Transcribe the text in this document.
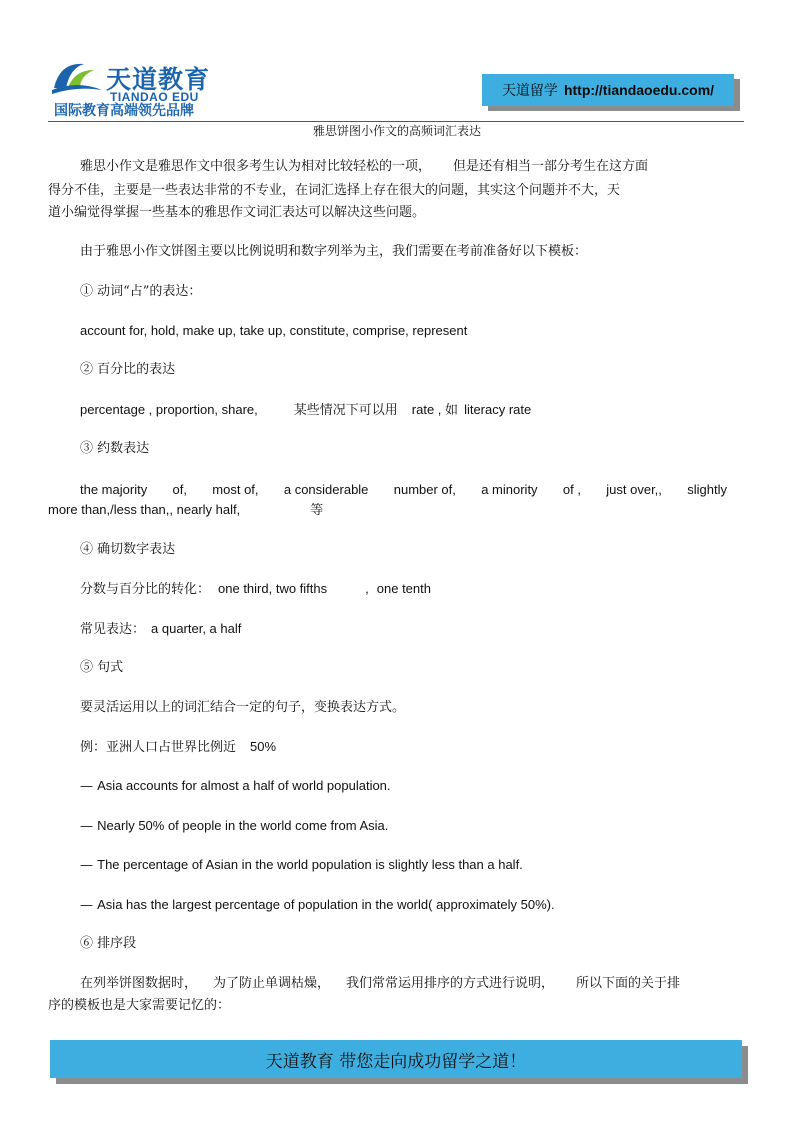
天道教育
TIANDAO EDU
国际教育高端领先品牌
天道留学 http://tiandaoedu.com/
雅思饼图小作文的高频词汇表达
雅思小作文是雅思作文中很多考生认为相对比较轻松的一项， 但是还有相当一部分考生在这方面
得分不佳，主要是一些表达非常的不专业，在词汇选择上存在很大的问题，其实这个问题并不大，天
道小编觉得掌握一些基本的雅思作文词汇表达可以解决这些问题。
由于雅思小作文饼图主要以比例说明和数字列举为主，我们需要在考前准备好以下模板：
① 动词“占”的表达：
account for, hold, make up, take up, constitute, comprise, represent
② 百分比的表达
percentage , proportion, share,	某些情况下可以用 rate , 如 literacy rate
③ 约数表达
the majority of, most of, a considerable number of, a minority of , just over,, slightly
more than,/less than,, nearly half,	等
④ 确切数字表达
分数与百分比的转化： one third, two fifths	, one tenth
常见表达： a quarter, a half
⑤ 句式
要灵活运用以上的词汇结合一定的句子，变换表达方式。
例：亚洲人口占世界比例近 50%
— Asia accounts for almost a half of world population.
— Nearly 50% of people in the world come from Asia.
— The percentage of Asian in the world population is slightly less than a half.
— Asia has the largest percentage of population in the world( approximately 50%).
⑥ 排序段
在列举饼图数据时， 为了防止单调枯燥， 我们常常运用排序的方式进行说明， 所以下面的关于排
序的模板也是大家需要记忆的：
天道教育 带您走向成功留学之道！
